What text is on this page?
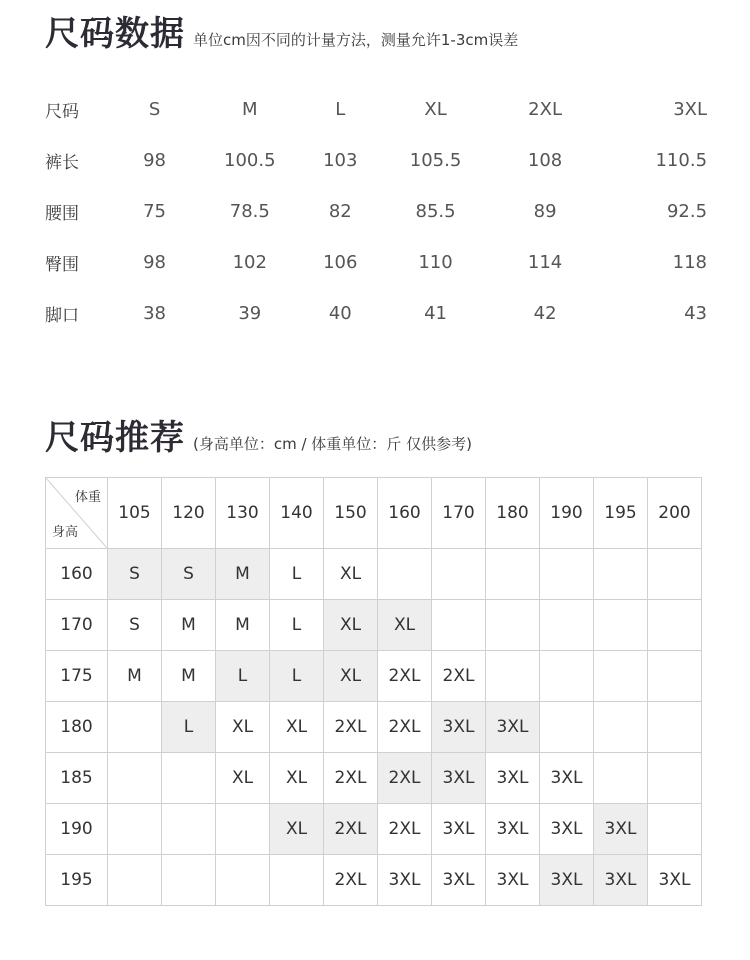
尺码数据 单位cm因不同的计量方法，测量允许1-3cm误差
尺码	S	M	L	XL	2XL	3XL
裤长	98	100.5	103	105.5	108	110.5
腰围	75	78.5	82	85.5	89	92.5
臀围	98	102	106	110	114	118
脚口	38	39	40	41	42	43
尺码推荐 (身高单位：cm / 体重单位：斤 仅供参考)
体重
身高	105	120	130	140	150	160	170	180	190	195	200
160	S	S	M	L	XL						
170	S	M	M	L	XL	XL					
175	M	M	L	L	XL	2XL	2XL				
180		L	XL	XL	2XL	2XL	3XL	3XL			
185			XL	XL	2XL	2XL	3XL	3XL	3XL		
190				XL	2XL	2XL	3XL	3XL	3XL	3XL	
195					2XL	3XL	3XL	3XL	3XL	3XL	3XL
